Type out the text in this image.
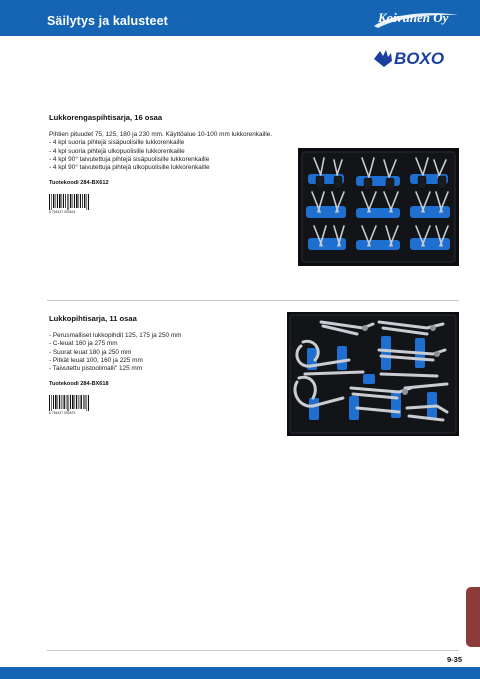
Säilytys ja kalusteet	Koivunen Oy
BOXO
Lukkorengaspihtisarja, 16 osaa
Pihtien pituudet 75, 125, 180 ja 230 mm. Käyttöalue 10-100 mm lukkorenkaille.
- 4 kpl suoria pihtejä sisäpuolisille lukkorenkaille
- 4 kpl suoria pihtejä ulkopuolisille lukkorenkaille
- 4 kpl 90° taivutettuja pihtejä sisäpuolisille lukkorenkaille
- 4 kpl 90° taivutettuja pihtejä ulkopuolisille lukkorenkaille
Tuotekoodi 284-BX612
6 764437 050624
Lukkopihtisarja, 11 osaa
- Perusmalliset lukkopihdit 125, 175 ja 250 mm
- C-leuat 160 ja 275 mm
- Suorat leuat 180 ja 250 mm
- Pitkät leuat 100, 160 ja 225 mm
- Taivutettu pistoolimalli" 125 mm
Tuotekoodi 284-BX618
6 764437 050679
9-35
